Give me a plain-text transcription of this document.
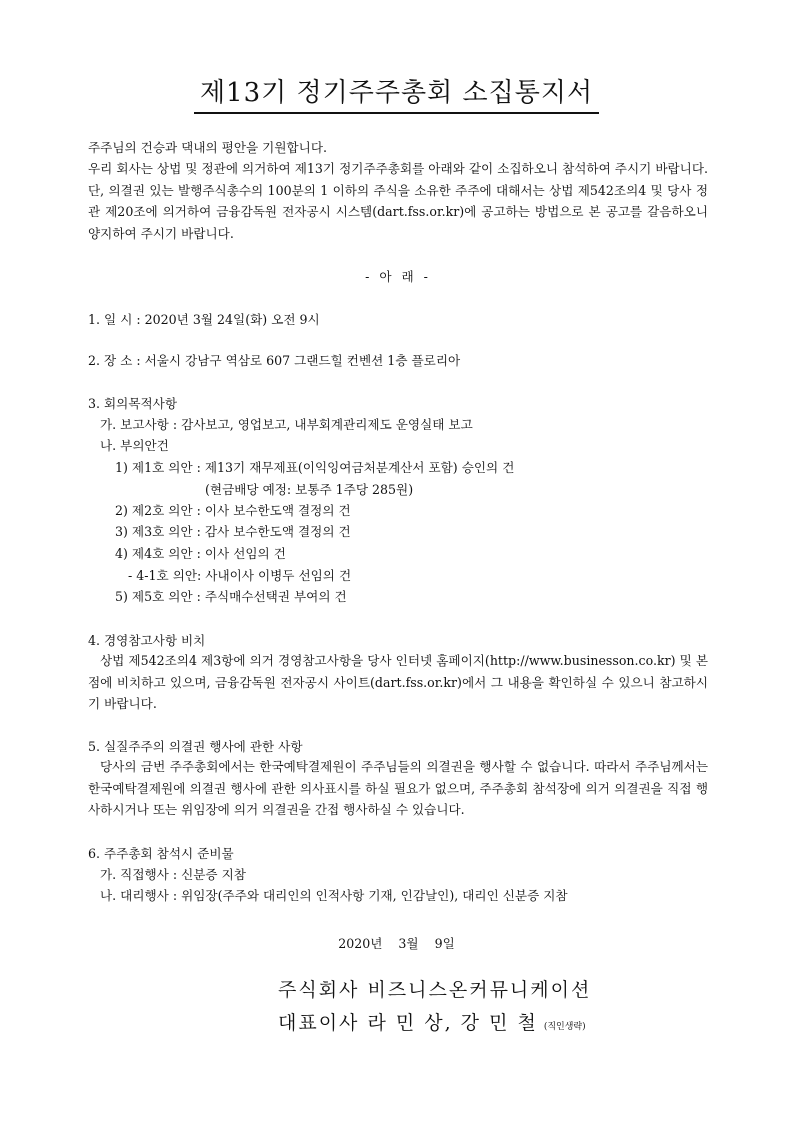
제13기 정기주주총회 소집통지서
주주님의 건승과 댁내의 평안을 기원합니다.
우리 회사는 상법 및 정관에 의거하여 제13기 정기주주총회를 아래와 같이 소집하오니 참석하여 주시기 바랍니다. 단, 의결권 있는 발행주식총수의 100분의 1 이하의 주식을 소유한 주주에 대해서는 상법 제542조의4 및 당사 정관 제20조에 의거하여 금융감독원 전자공시 시스템(dart.fss.or.kr)에 공고하는 방법으로 본 공고를 갈음하오니 양지하여 주시기 바랍니다.
- 아 래 -
1. 일 시 : 2020년 3월 24일(화) 오전 9시
2. 장 소 : 서울시 강남구 역삼로 607 그랜드힐 컨벤션 1층 플로리아
3. 회의목적사항
가. 보고사항 : 감사보고, 영업보고, 내부회계관리제도 운영실태 보고
나. 부의안건
1) 제1호 의안 : 제13기 재무제표(이익잉여금처분계산서 포함) 승인의 건
(현금배당 예정: 보통주 1주당 285원)
2) 제2호 의안 : 이사 보수한도액 결정의 건
3) 제3호 의안 : 감사 보수한도액 결정의 건
4) 제4호 의안 : 이사 선임의 건
- 4-1호 의안: 사내이사 이병두 선임의 건
5) 제5호 의안 : 주식매수선택권 부여의 건
4. 경영참고사항 비치
상법 제542조의4 제3항에 의거 경영참고사항을 당사 인터넷 홈페이지(http://www.businesson.co.kr) 및 본점에 비치하고 있으며, 금융감독원 전자공시 사이트(dart.fss.or.kr)에서 그 내용을 확인하실 수 있으니 참고하시기 바랍니다.
5. 실질주주의 의결권 행사에 관한 사항
당사의 금번 주주총회에서는 한국예탁결제원이 주주님들의 의결권을 행사할 수 없습니다. 따라서 주주님께서는 한국예탁결제원에 의결권 행사에 관한 의사표시를 하실 필요가 없으며, 주주총회 참석장에 의거 의결권을 직접 행사하시거나 또는 위임장에 의거 의결권을 간접 행사하실 수 있습니다.
6. 주주총회 참석시 준비물
가. 직접행사 : 신분증 지참
나. 대리행사 : 위임장(주주와 대리인의 인적사항 기재, 인감날인), 대리인 신분증 지참
2020년    3월    9일
주식회사 비즈니스온커뮤니케이션
대표이사 라 민 상, 강 민 철 (직인생략)
